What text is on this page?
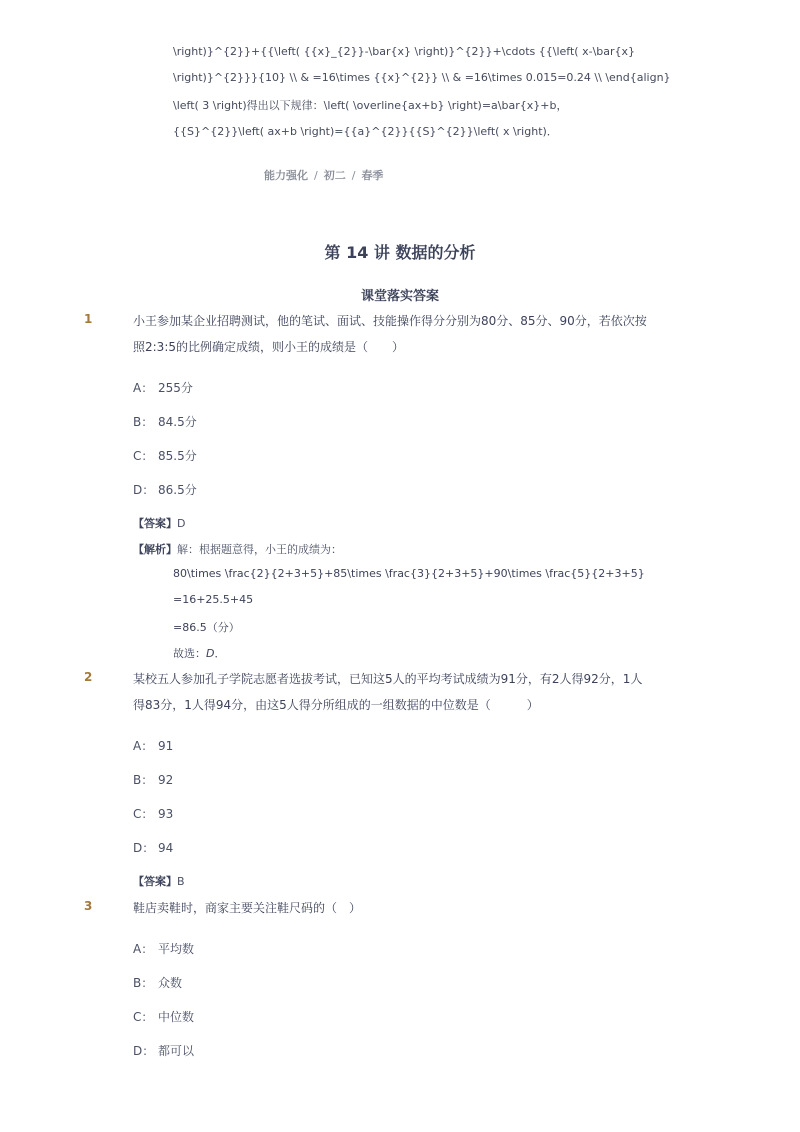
\right)}^{2}}+{{\left( {{x}_{2}}-\bar{x} \right)}^{2}}+\cdots {{\left( x-\bar{x}
\right)}^{2}}}{10} \\ & =16\times {{x}^{2}} \\ & =16\times 0.015=0.24 \\ \end{align}
\left( 3 \right)得出以下规律：\left( \overline{ax+b} \right)=a\bar{x}+b，
{{S}^{2}}\left( ax+b \right)={{a}^{2}}{{S}^{2}}\left( x \right)．
能力强化 / 初二 / 春季
第 14 讲 数据的分析
课堂落实答案
1	小王参加某企业招聘测试，他的笔试、面试、技能操作得分分别为80分、85分、90分，若依次按
照2:3:5的比例确定成绩，则小王的成绩是（　　）
A： 255分
B： 84.5分
C： 85.5分
D： 86.5分
【答案】D
【解析】解：根据题意得，小王的成绩为：
80\times \frac{2}{2+3+5}+85\times \frac{3}{2+3+5}+90\times \frac{5}{2+3+5}
=16+25.5+45
=86.5（分）
故选：D．
2	某校五人参加孔子学院志愿者选拔考试，已知这5人的平均考试成绩为91分，有2人得92分，1人
得83分，1人得94分，由这5人得分所组成的一组数据的中位数是（　　　）
A： 91
B： 92
C： 93
D： 94
【答案】B
3	鞋店卖鞋时，商家主要关注鞋尺码的（　）
A： 平均数
B： 众数
C： 中位数
D： 都可以
